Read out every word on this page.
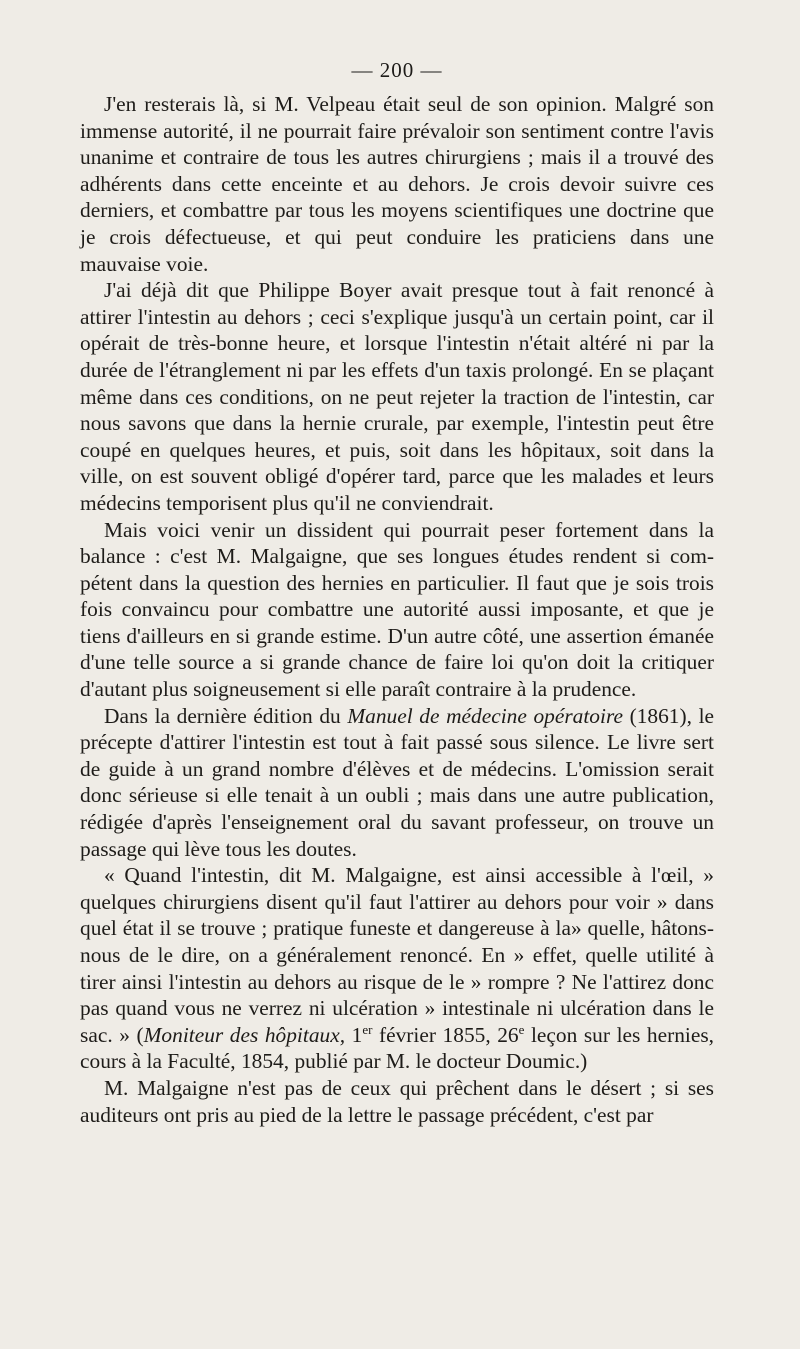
— 200 —

J'en resterais là, si M. Velpeau était seul de son opinion. Malgré son immense autorité, il ne pourrait faire prévaloir son sentiment contre l'avis unanime et contraire de tous les autres chirurgiens ; mais il a trouvé des adhérents dans cette enceinte et au dehors. Je crois devoir suivre ces derniers, et combattre par tous les moyens scientifiques une doctrine que je crois défectueuse, et qui peut conduire les praticiens dans une mauvaise voie.

J'ai déjà dit que Philippe Boyer avait presque tout à fait renoncé à attirer l'intestin au dehors ; ceci s'explique jusqu'à un certain point, car il opérait de très-bonne heure, et lorsque l'intestin n'était altéré ni par la durée de l'étranglement ni par les effets d'un taxis prolongé. En se plaçant même dans ces conditions, on ne peut rejeter la traction de l'intestin, car nous savons que dans la hernie crurale, par exemple, l'intestin peut être coupé en quelques heures, et puis, soit dans les hôpitaux, soit dans la ville, on est souvent obligé d'opérer tard, parce que les malades et leurs médecins temporisent plus qu'il ne conviendrait.

Mais voici venir un dissident qui pourrait peser fortement dans la balance : c'est M. Malgaigne, que ses longues études rendent si compétent dans la question des hernies en particulier. Il faut que je sois trois fois convaincu pour combattre une autorité aussi imposante, et que je tiens d'ailleurs en si grande estime. D'un autre côté, une assertion émanée d'une telle source a si grande chance de faire loi qu'on doit la critiquer d'autant plus soigneusement si elle paraît contraire à la prudence.

Dans la dernière édition du Manuel de médecine opératoire (1861), le précepte d'attirer l'intestin est tout à fait passé sous silence. Le livre sert de guide à un grand nombre d'élèves et de médecins. L'omission serait donc sérieuse si elle tenait à un oubli ; mais dans une autre publication, rédigée d'après l'enseignement oral du savant professeur, on trouve un passage qui lève tous les doutes.

« Quand l'intestin, dit M. Malgaigne, est ainsi accessible à l'œil, » quelques chirurgiens disent qu'il faut l'attirer au dehors pour voir » dans quel état il se trouve ; pratique funeste et dangereuse à la» quelle, hâtons-nous de le dire, on a généralement renoncé. En » effet, quelle utilité à tirer ainsi l'intestin au dehors au risque de le » rompre ? Ne l'attirez donc pas quand vous ne verrez ni ulcération » intestinale ni ulcération dans le sac. » (Moniteur des hôpitaux, 1er février 1855, 26e leçon sur les hernies, cours à la Faculté, 1854, publié par M. le docteur Doumic.)

M. Malgaigne n'est pas de ceux qui prêchent dans le désert ; si ses auditeurs ont pris au pied de la lettre le passage précédent, c'est par
